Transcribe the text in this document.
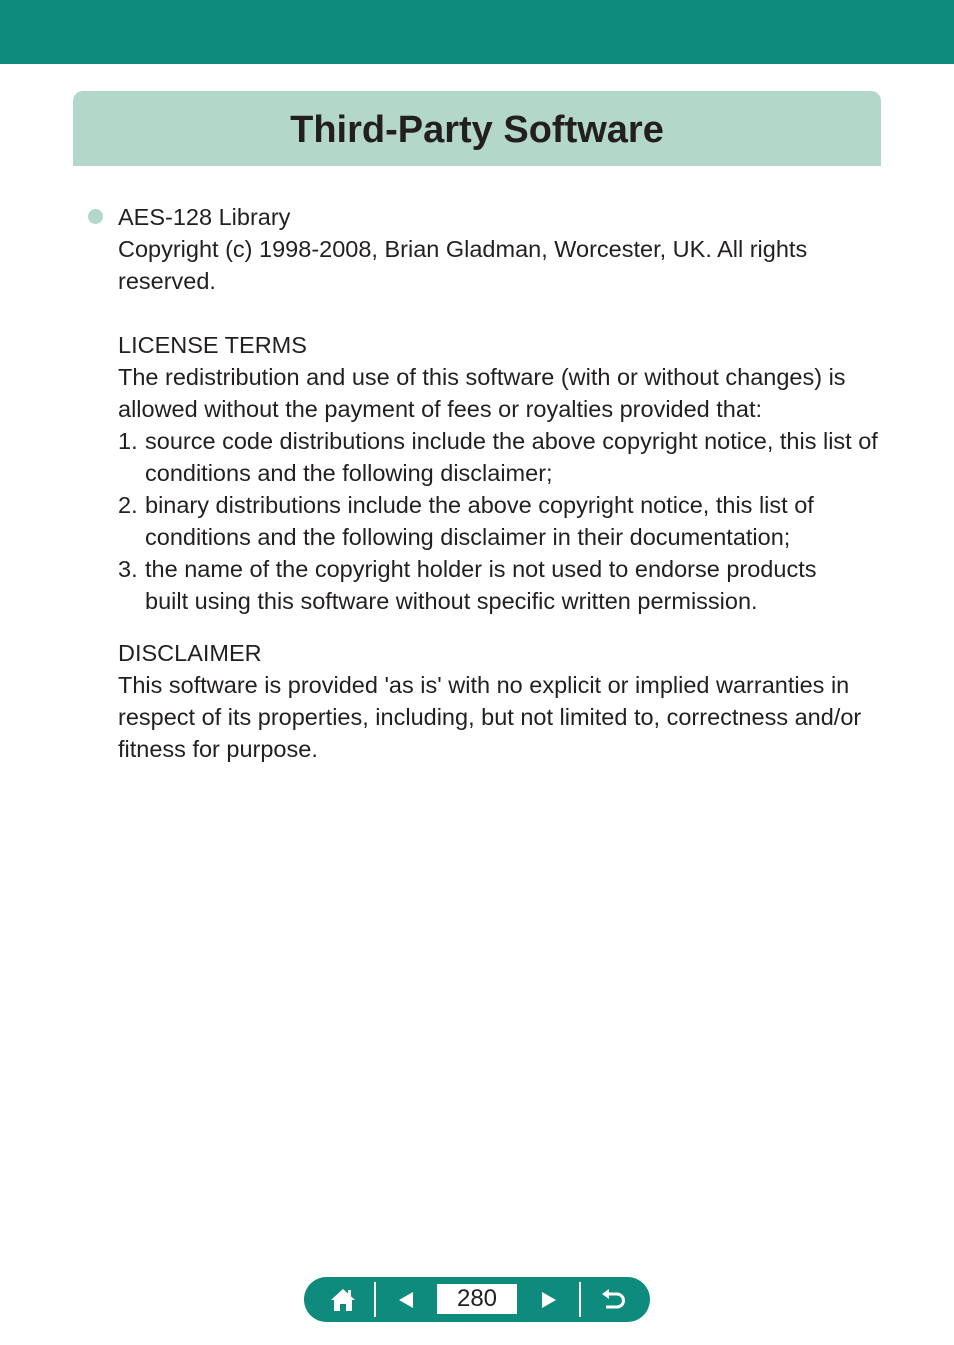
Third-Party Software

AES-128 Library

Copyright (c) 1998-2008, Brian Gladman, Worcester, UK. All rights reserved.

LICENSE TERMS

The redistribution and use of this software (with or without changes) is allowed without the payment of fees or royalties provided that:

1. source code distributions include the above copyright notice, this list of conditions and the following disclaimer;
2. binary distributions include the above copyright notice, this list of conditions and the following disclaimer in their documentation;
3. the name of the copyright holder is not used to endorse products built using this software without specific written permission.

DISCLAIMER

This software is provided 'as is' with no explicit or implied warranties in respect of its properties, including, but not limited to, correctness and/or fitness for purpose.

280
